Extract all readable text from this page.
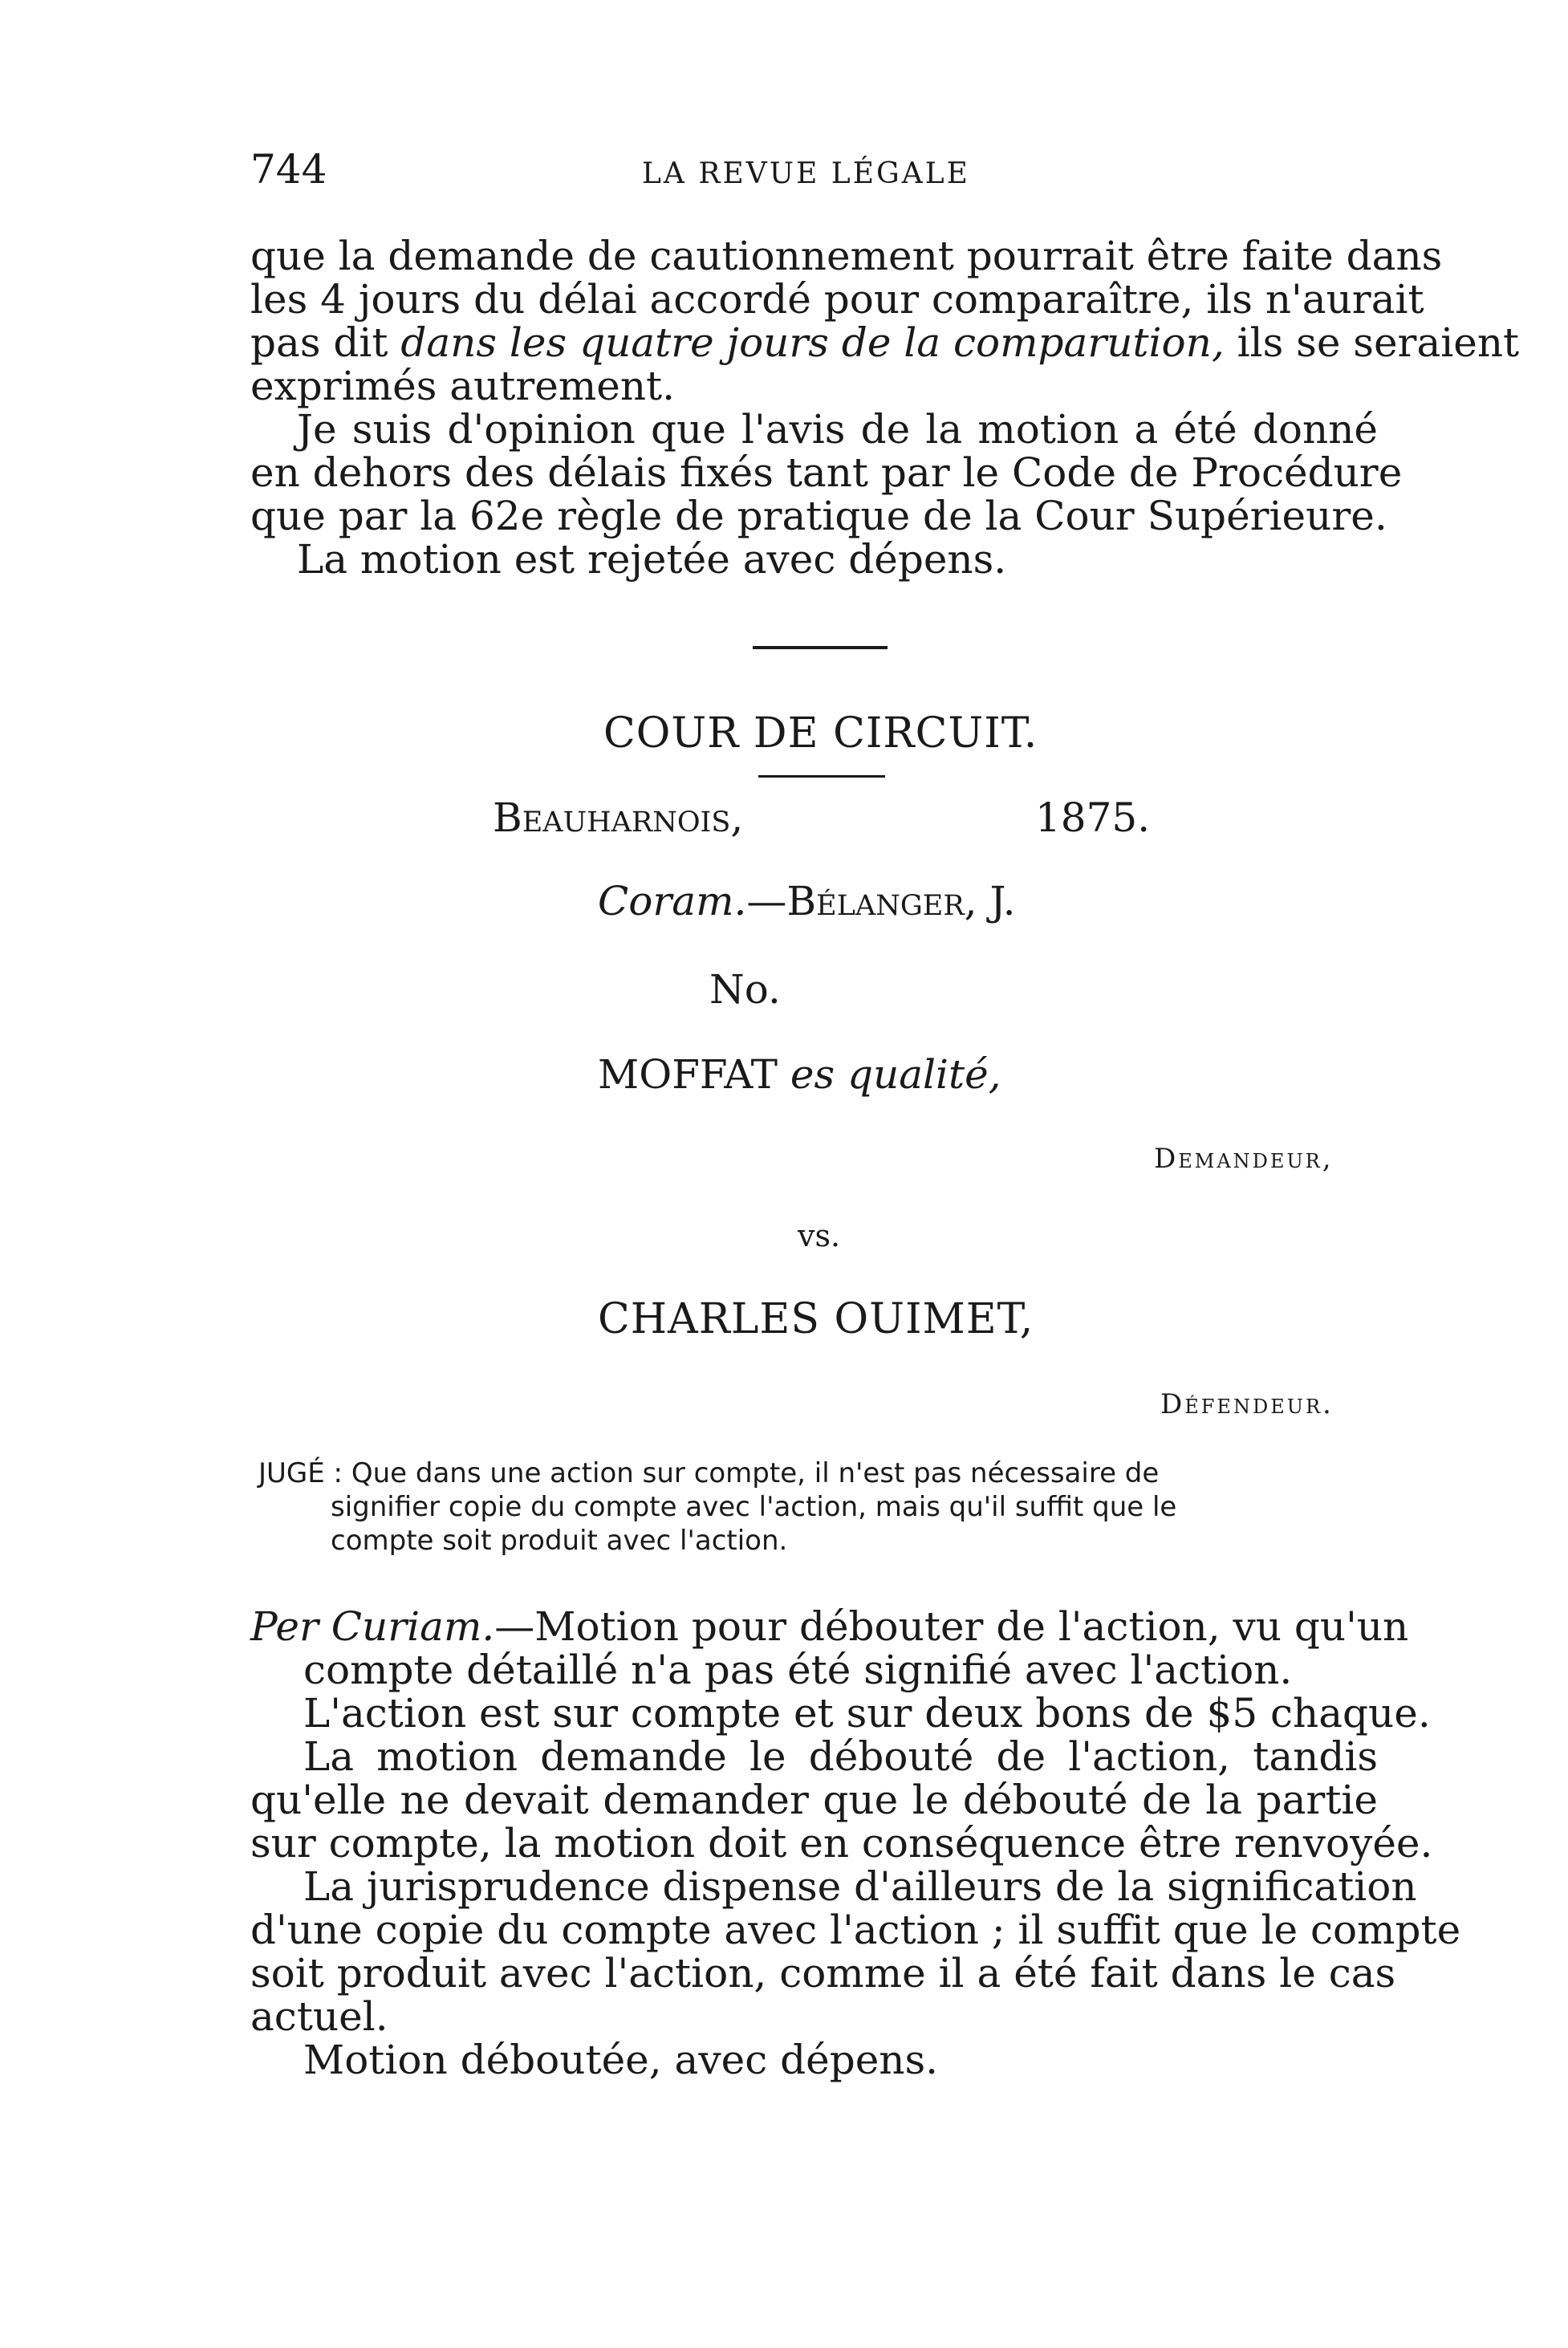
744	LA REVUE LÉGALE
que la demande de cautionnement pourrait être faite dans
les 4 jours du délai accordé pour comparaître, ils n'aurait
pas dit dans les quatre jours de la comparution, ils se seraient
exprimés autrement.
Je suis d'opinion que l'avis de la motion a été donné
en dehors des délais fixés tant par le Code de Procédure
que par la 62e règle de pratique de la Cour Supérieure.
La motion est rejetée avec dépens.
COUR DE CIRCUIT.
Beauharnois,	1875.
Coram.—Bélanger, J.
No.
MOFFAT es qualité,
Demandeur,
vs.
CHARLES OUIMET,
Défendeur.
JUGÉ : Que dans une action sur compte, il n'est pas nécessaire de
signifier copie du compte avec l'action, mais qu'il suffit que le
compte soit produit avec l'action.
Per Curiam.—Motion pour débouter de l'action, vu qu'un
compte détaillé n'a pas été signifié avec l'action.
L'action est sur compte et sur deux bons de $5 chaque.
La motion demande le débouté de l'action, tandis
qu'elle ne devait demander que le débouté de la partie
sur compte, la motion doit en conséquence être renvoyée.
La jurisprudence dispense d'ailleurs de la signification
d'une copie du compte avec l'action ; il suffit que le compte
soit produit avec l'action, comme il a été fait dans le cas
actuel.
Motion déboutée, avec dépens.
